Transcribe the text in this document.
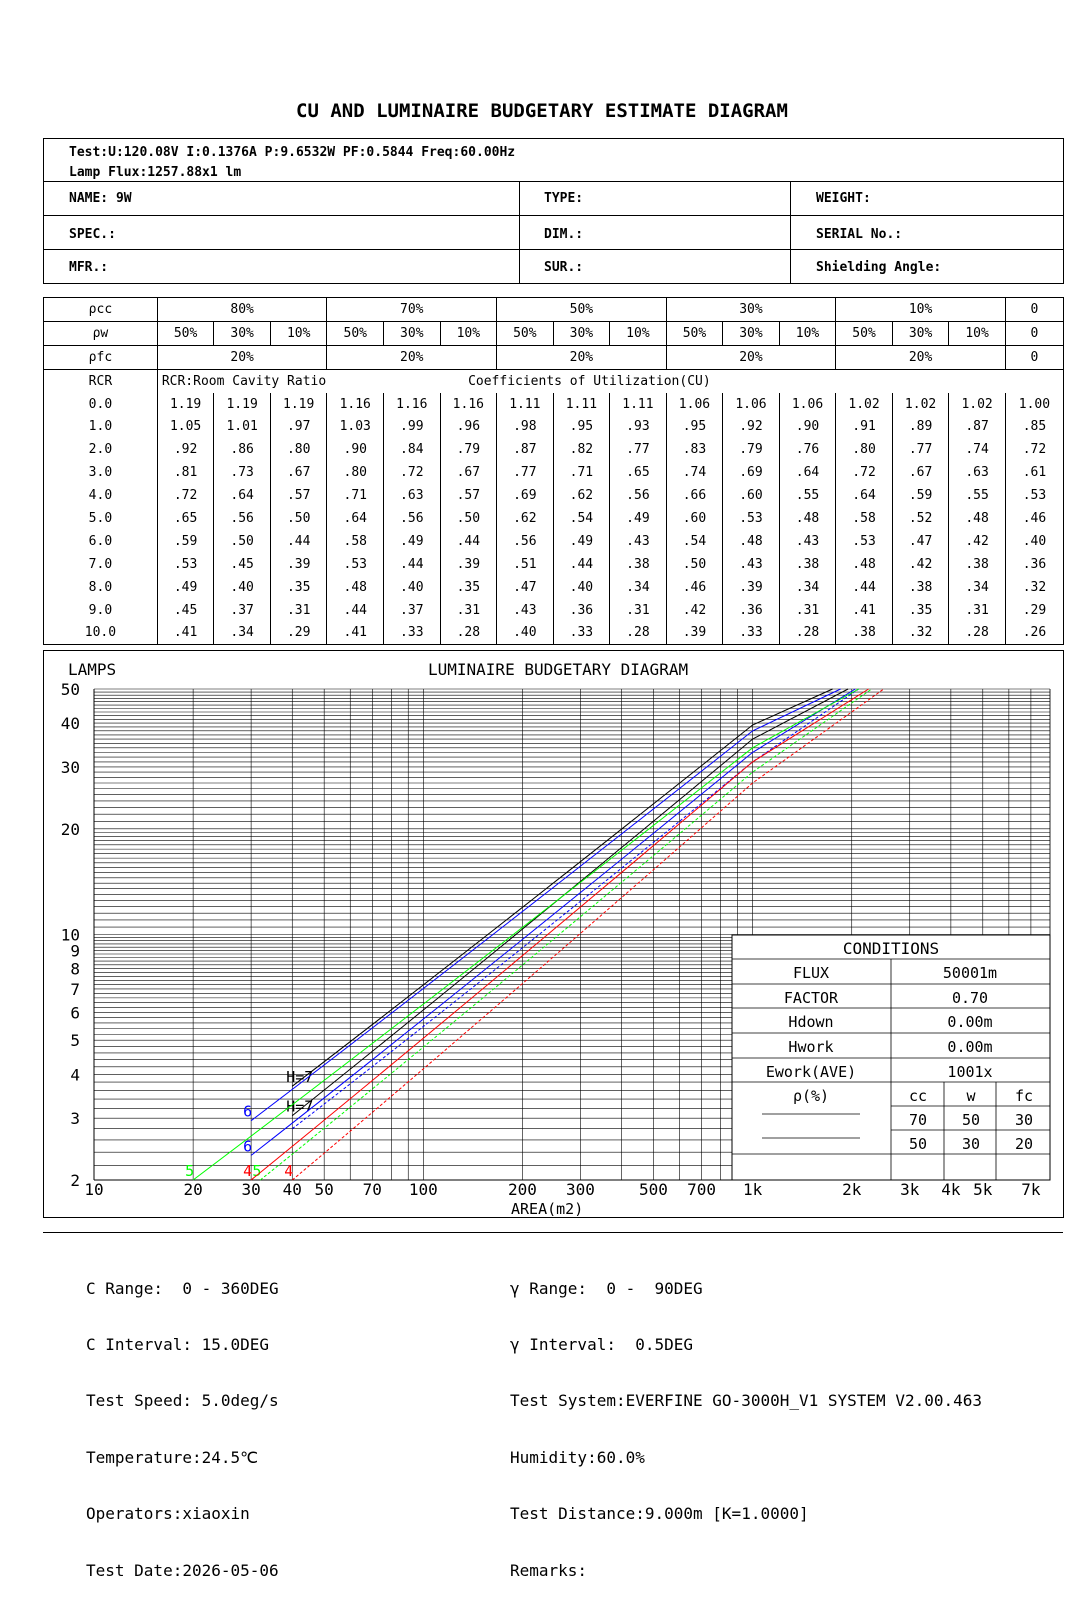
CU AND LUMINAIRE BUDGETARY ESTIMATE DIAGRAM
Test:U:120.08V I:0.1376A P:9.6532W PF:0.5844 Freq:60.00Hz
Lamp Flux:1257.88x1 lm
NAME: 9W	TYPE:	WEIGHT:
SPEC.:	DIM.:	SERIAL No.:
MFR.:	SUR.:	Shielding Angle:
ρcc	80%			70%			50%			30%			10%			0
ρw	50%	30%	10%	50%	30%	10%	50%	30%	10%	50%	30%	10%	50%	30%	10%	0
ρfc	20%			20%			20%			20%			20%			0
RCR	RCR:Room Cavity Ratio					Coefficients of Utilization(CU)										
0.0	1.19	1.19	1.19	1.16	1.16	1.16	1.11	1.11	1.11	1.06	1.06	1.06	1.02	1.02	1.02	1.00
1.0	1.05	1.01	.97	1.03	.99	.96	.98	.95	.93	.95	.92	.90	.91	.89	.87	.85
2.0	.92	.86	.80	.90	.84	.79	.87	.82	.77	.83	.79	.76	.80	.77	.74	.72
3.0	.81	.73	.67	.80	.72	.67	.77	.71	.65	.74	.69	.64	.72	.67	.63	.61
4.0	.72	.64	.57	.71	.63	.57	.69	.62	.56	.66	.60	.55	.64	.59	.55	.53
5.0	.65	.56	.50	.64	.56	.50	.62	.54	.49	.60	.53	.48	.58	.52	.48	.46
6.0	.59	.50	.44	.58	.49	.44	.56	.49	.43	.54	.48	.43	.53	.47	.42	.40
7.0	.53	.45	.39	.53	.44	.39	.51	.44	.38	.50	.43	.38	.48	.42	.38	.36
8.0	.49	.40	.35	.48	.40	.35	.47	.40	.34	.46	.39	.34	.44	.38	.34	.32
9.0	.45	.37	.31	.44	.37	.31	.43	.36	.31	.42	.36	.31	.41	.35	.31	.29
10.0	.41	.34	.29	.41	.33	.28	.40	.33	.28	.39	.33	.28	.38	.32	.28	.26
LUMINAIRE BUDGETARY DIAGRAM
LAMPS
AREA(m2)
2
3
4
5
6
7
8
9
10
20
30
40
50
10	20 30 40 50 70 100	200 300	500 700 1k	2k 3k 4k 5k 7k
H=7
H=7
6
6
5	5
4 4
CONDITIONS
FLUX	50001m
FACTOR	0.70
Hdown	0.00m
Hwork	0.00m
Ework(AVE)	1001x
ρ(%)	cc	w	fc
70 50 30
50 30 20

C Range:  0 - 360DEG

C Interval: 15.0DEG

Test Speed: 5.0deg/s

Temperature:24.5℃

Operators:xiaoxin

Test Date:2026-05-06

γ Range:  0 -  90DEG

γ Interval:  0.5DEG

Test System:EVERFINE GO-3000H_V1 SYSTEM V2.00.463

Humidity:60.0%

Test Distance:9.000m [K=1.0000]

Remarks:
